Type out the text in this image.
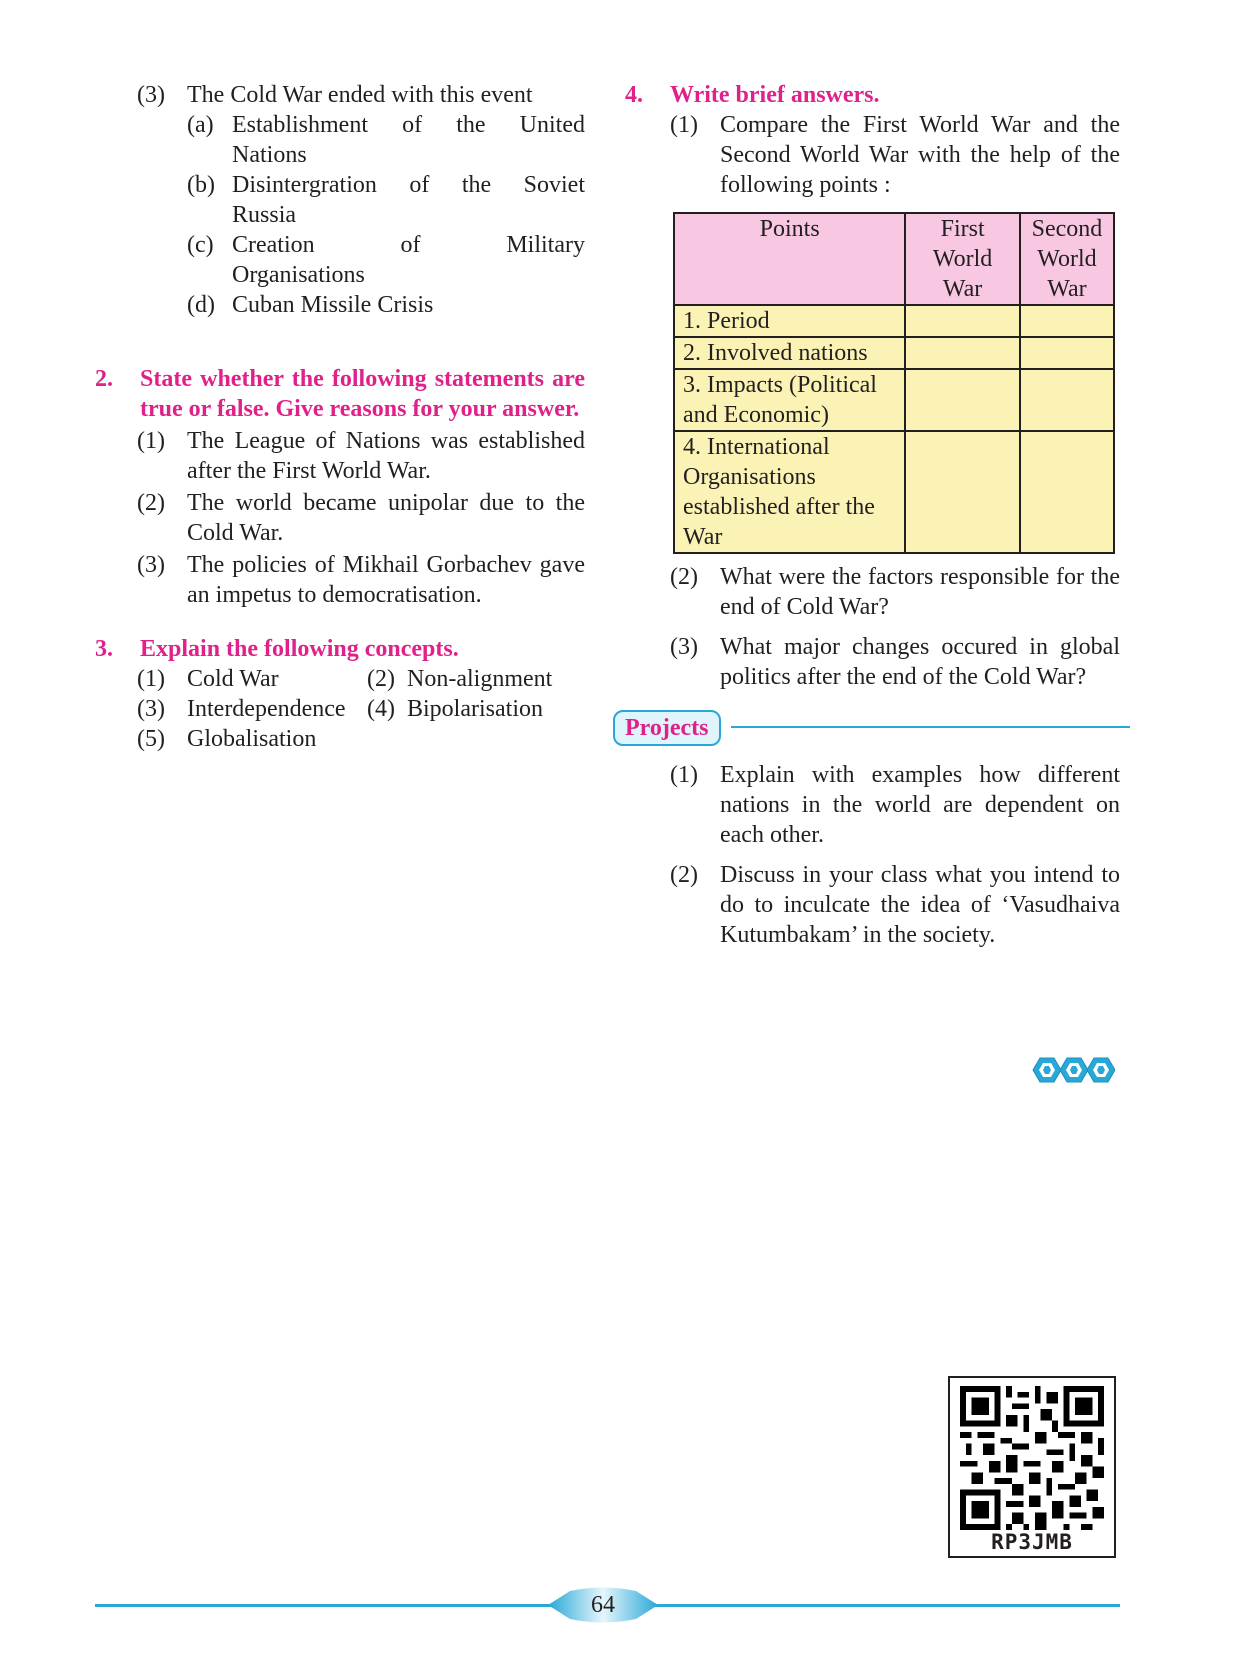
(3) The Cold War ended with this event
(a) Establishment of the United
Nations
(b) Disintergration of the Soviet
Russia
(c) Creation of Military
Organisations
(d) Cuban Missile Crisis
2.	State whether the following statements are true or false. Give reasons for your answer.
(1) The League of Nations was established after the First World War.
(2) The world became unipolar due to the Cold War.
(3) The policies of Mikhail Gorbachev gave an impetus to democratisation.
3.	Explain the following concepts.
(1) Cold War	(2) Non-alignment
(3) Interdependence (4) Bipolarisation
(5) Globalisation
4.	Write brief answers.
(1) Compare the First World War and the Second World War with the help of the following points :
Points	First World War	Second World War
1. Period		
2. Involved nations		
3. Impacts (Political and Economic)		
4. International Organisations established after the War		
(2) What were the factors responsible for the end of Cold War?
(3) What major changes occured in global politics after the end of the Cold War?
Projects
(1) Explain with examples how different nations in the world are dependent on each other.
(2) Discuss in your class what you intend to do to inculcate the idea of ‘Vasudhaiva Kutumbakam’ in the society.
RP3JMB
64
